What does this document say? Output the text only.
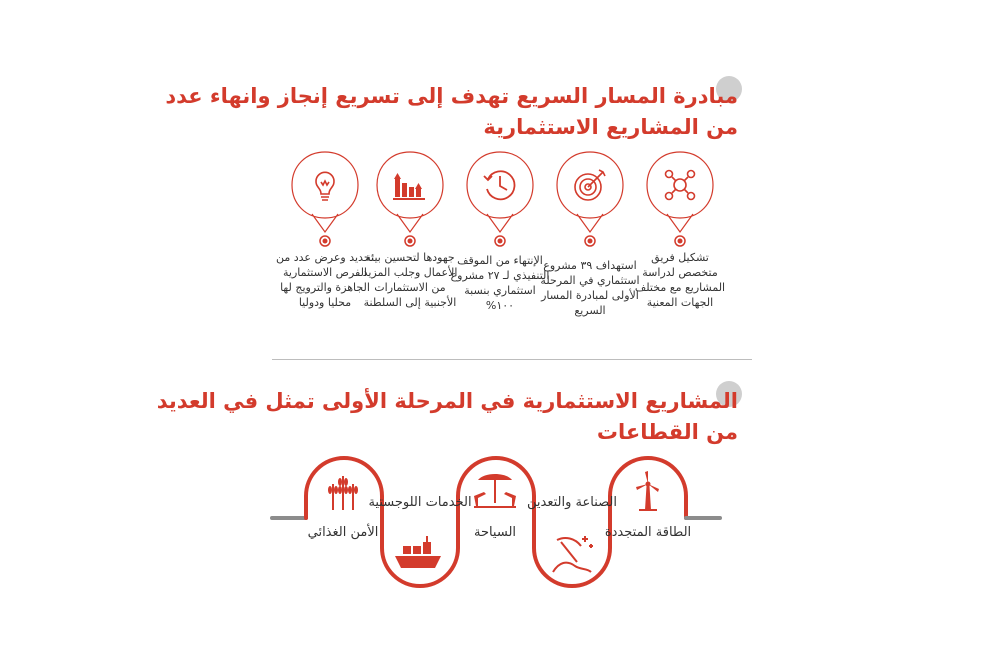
مبادرة المسار السريع تهدف إلى تسريع إنجاز وانهاء عدد
من المشاريع الاستثمارية
تشكيل فريق متخصص لدراسة المشاريع مع مختلف الجهات المعنية
استهداف ٣٩ مشروع استثماري في المرحلة الأولى لمبادرة المسار السريع
الإنتهاء من الموقف التنفيذي لـ ٢٧ مشروع استثماري بنسبة ١٠٠%
جهودها لتحسين بيئة الأعمال وجلب المزيد من الاستثمارات الأجنبية إلى السلطنة
تحديد وعرض عدد من الفرص الاستثمارية الجاهزة والترويج لها محليا ودوليا
المشاريع الاستثمارية في المرحلة الأولى تمثل في العديد
من القطاعات
الطاقة المتجددة
الصناعة والتعدين
السياحة
الخدمات اللوجستية
الأمن الغذائي
